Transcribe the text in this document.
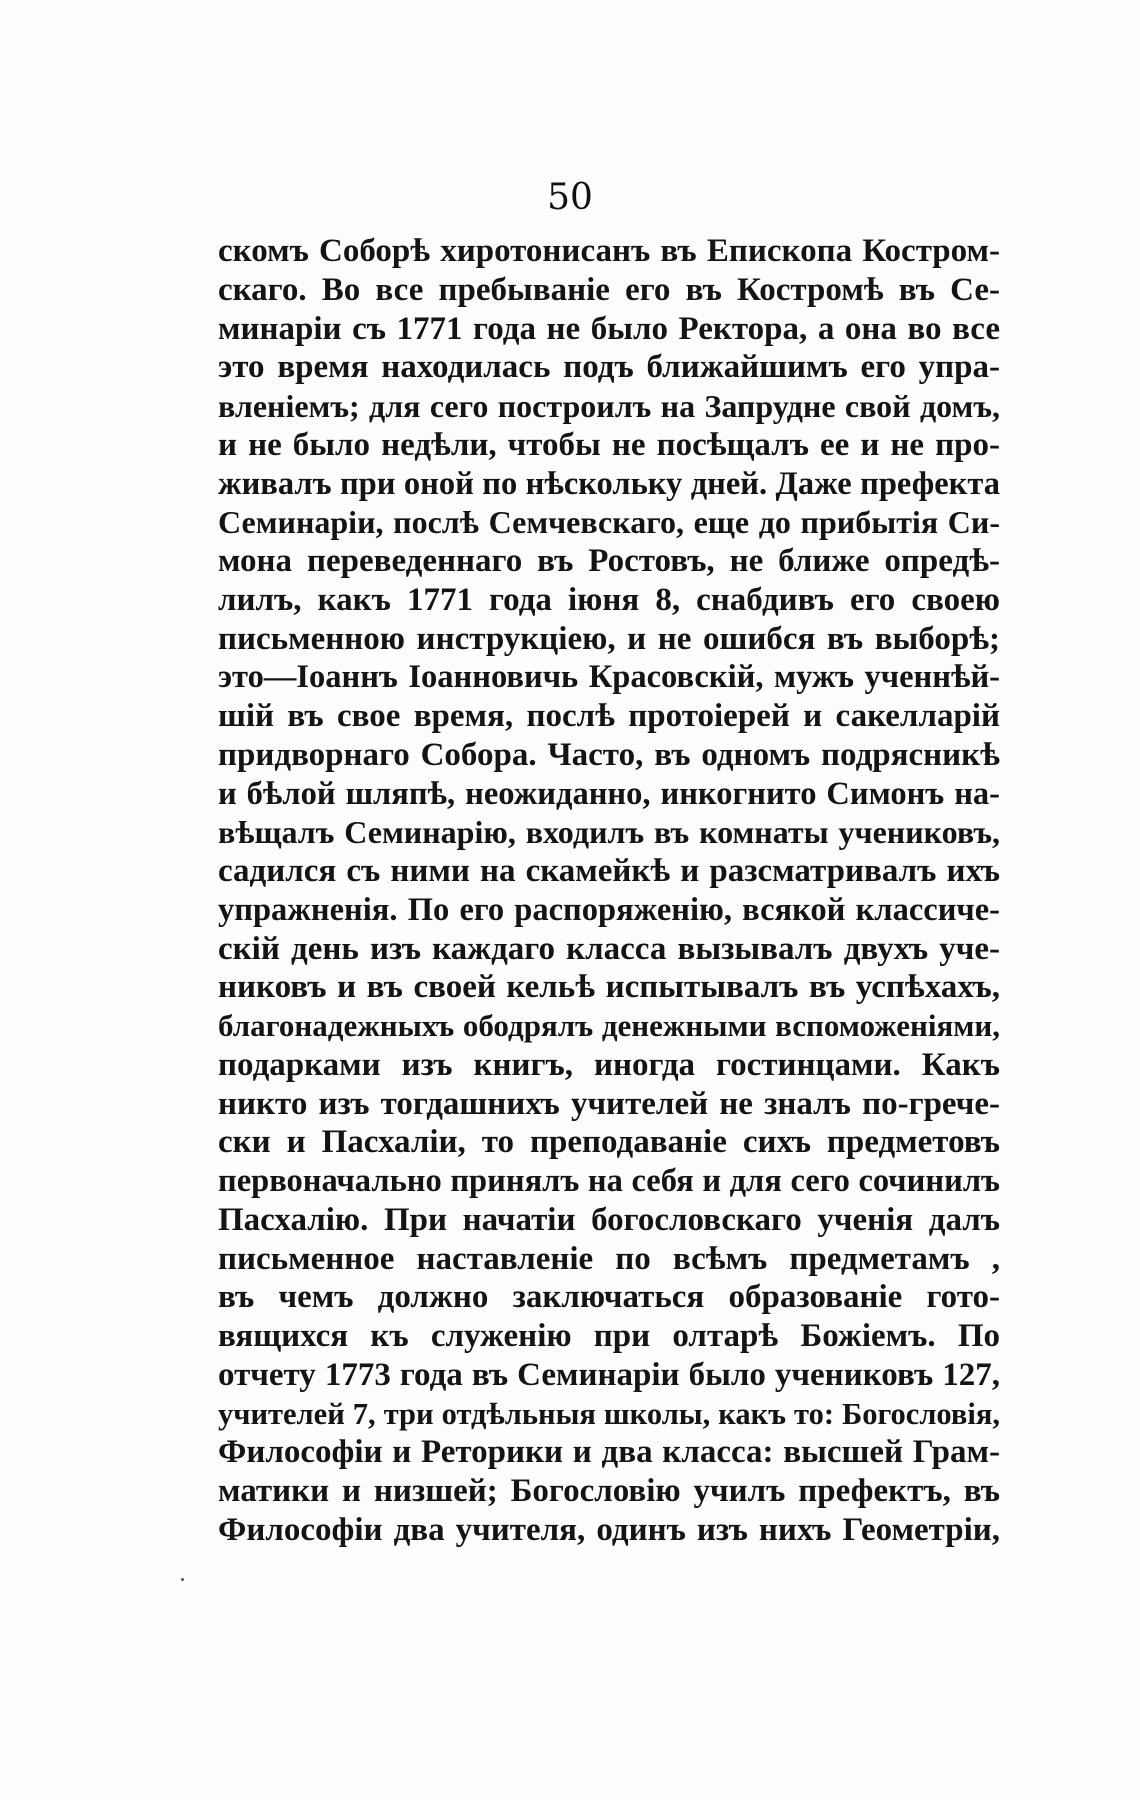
50
скомъ Соборѣ хиротонисанъ въ Епископа Костром-
скаго. Во все пребываніе его въ Костромѣ въ Се-
минаріи съ 1771 года не было Ректора, а она во все
это время находилась подъ ближайшимъ его упра-
вленіемъ; для сего построилъ на Запрудне свой домъ,
и не было недѣли, чтобы не посѣщалъ ее и не про-
живалъ при оной по нѣскольку дней. Даже префекта
Семинаріи, послѣ Семчевскаго, еще до прибытія Си-
мона переведеннаго въ Ростовъ, не ближе опредѣ-
лилъ, какъ 1771 года іюня 8, снабдивъ его своею
письменною инструкціею, и не ошибся въ выборѣ;
это—Іоаннъ Іоанновичь Красовскій, мужъ ученнѣй-
шій въ свое время, послѣ протоіерей и сакелларій
придворнаго Собора. Часто, въ одномъ подрясникѣ
и бѣлой шляпѣ, неожиданно, инкогнито Симонъ на-
вѣщалъ Семинарію, входилъ въ комнаты учениковъ,
садился съ ними на скамейкѣ и разсматривалъ ихъ
упражненія. По его распоряженію, всякой классиче-
скій день изъ каждаго класса вызывалъ двухъ уче-
никовъ и въ своей кельѣ испытывалъ въ успѣхахъ,
благонадежныхъ ободрялъ денежными вспоможеніями,
подарками изъ книгъ, иногда гостинцами. Какъ
никто изъ тогдашнихъ учителей не зналъ по-грече-
ски и Пасхаліи, то преподаваніе сихъ предметовъ
первоначально принялъ на себя и для сего сочинилъ
Пасхалію. При начатіи богословскаго ученія далъ
письменное наставленіе по всѣмъ предметамъ ,
въ чемъ должно заключаться образованіе гото-
вящихся къ служенію при олтарѣ Божіемъ. По
отчету 1773 года въ Семинаріи было учениковъ 127,
учителей 7, три отдѣльныя школы, какъ то: Богословія,
Философіи и Реторики и два класса: высшей Грам-
матики и низшей; Богословію училъ префектъ, въ
Философіи два учителя, одинъ изъ нихъ Геометріи,
